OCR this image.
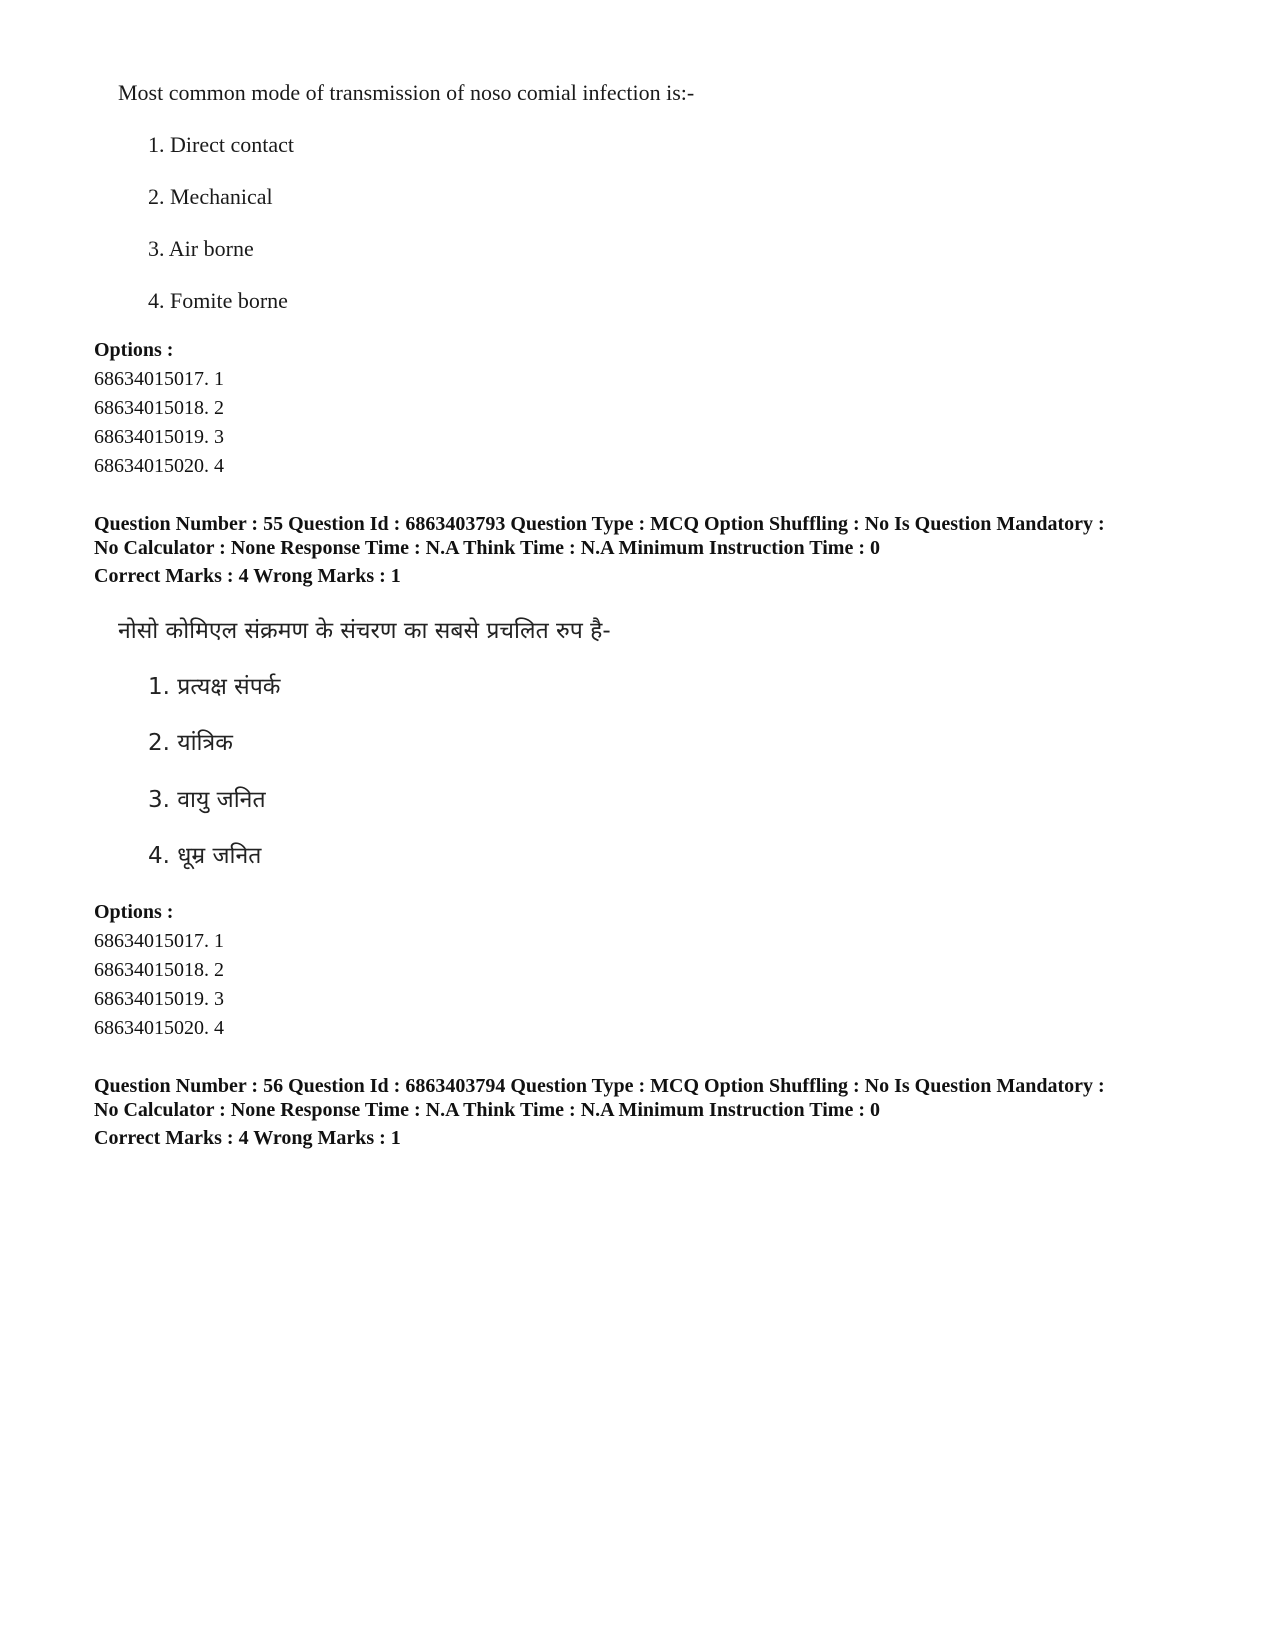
Most common mode of transmission of noso comial infection is:-
1. Direct contact
2. Mechanical
3. Air borne
4. Fomite borne
Options :
68634015017. 1
68634015018. 2
68634015019. 3
68634015020. 4
Question Number : 55 Question Id : 6863403793 Question Type : MCQ Option Shuffling : No Is Question Mandatory :
No Calculator : None Response Time : N.A Think Time : N.A Minimum Instruction Time : 0
Correct Marks : 4 Wrong Marks : 1
नोसो कोमिएल संक्रमण के संचरण का सबसे प्रचलित रुप है-
1. प्रत्यक्ष संपर्क
2. यांत्रिक
3. वायु जनित
4. धूम्र जनित
Options :
68634015017. 1
68634015018. 2
68634015019. 3
68634015020. 4
Question Number : 56 Question Id : 6863403794 Question Type : MCQ Option Shuffling : No Is Question Mandatory :
No Calculator : None Response Time : N.A Think Time : N.A Minimum Instruction Time : 0
Correct Marks : 4 Wrong Marks : 1
